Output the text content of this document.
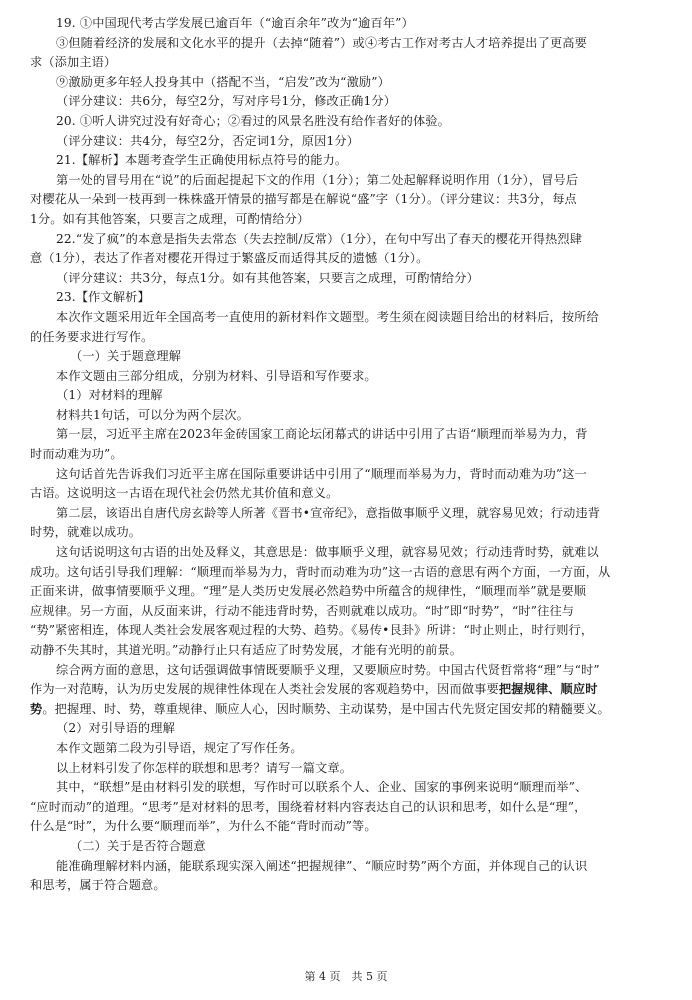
19. ①中国现代考古学发展已逾百年（“逾百余年”改为“逾百年”）
③但随着经济的发展和文化水平的提升（去掉“随着”）或④考古工作对考古人才培养提出了更高要
求（添加主语）
⑨激励更多年轻人投身其中（搭配不当，“启发”改为“激励”）
（评分建议：共6分，每空2分，写对序号1分，修改正确1分）
20. ①听人讲究过没有好奇心；②看过的风景名胜没有给作者好的体验。
（评分建议：共4分，每空2分，否定词1分，原因1分）
21.【解析】本题考查学生正确使用标点符号的能力。
第一处的冒号用在“说”的后面起提起下文的作用（1分）；第二处起解释说明作用（1分），冒号后
对樱花从一朵到一枝再到一株株盛开情景的描写都是在解说“盛”字（1分）。（评分建议：共3分，每点
1分。如有其他答案，只要言之成理，可酌情给分）
22.“发了疯”的本意是指失去常态（失去控制/反常）（1分），在句中写出了春天的樱花开得热烈肆
意（1分），表达了作者对樱花开得过于繁盛反而适得其反的遗憾（1分）。
（评分建议：共3分，每点1分。如有其他答案，只要言之成理，可酌情给分）
23.【作文解析】
本次作文题采用近年全国高考一直使用的新材料作文题型。考生须在阅读题目给出的材料后，按所给
的任务要求进行写作。
（一）关于题意理解
本作文题由三部分组成，分别为材料、引导语和写作要求。
（1）对材料的理解
材料共1句话，可以分为两个层次。
第一层，习近平主席在2023年金砖国家工商论坛闭幕式的讲话中引用了古语“顺理而举易为力，背
时而动难为功”。
这句话首先告诉我们习近平主席在国际重要讲话中引用了“顺理而举易为力，背时而动难为功”这一
古语。这说明这一古语在现代社会仍然尤其价值和意义。
第二层，该语出自唐代房玄龄等人所著《晋书•宣帝纪》，意指做事顺乎义理，就容易见效；行动违背
时势，就难以成功。
这句话说明这句古语的出处及释义，其意思是：做事顺乎义理，就容易见效；行动违背时势，就难以
成功。这句话引导我们理解：“顺理而举易为力，背时而动难为功”这一古语的意思有两个方面，一方面，从
正面来讲，做事情要顺乎义理。“理”是人类历史发展必然趋势中所蕴含的规律性，“顺理而举”就是要顺
应规律。另一方面，从反面来讲，行动不能违背时势，否则就难以成功。“时”即“时势”，“时”往往与
“势”紧密相连，体现人类社会发展客观过程的大势、趋势。《易传•艮卦》所讲：“时止则止，时行则行，
动静不失其时，其道光明。”动静行止只有适应了时势发展，才能有光明的前景。
综合两方面的意思，这句话强调做事情既要顺乎义理，又要顺应时势。中国古代贤哲常将“理”与“时”
作为一对范畴，认为历史发展的规律性体现在人类社会发展的客观趋势中，因而做事要把握规律、顺应时
势。把握理、时、势，尊重规律、顺应人心，因时顺势、主动谋势，是中国古代先贤定国安邦的精髓要义。
（2）对引导语的理解
本作文题第二段为引导语，规定了写作任务。
以上材料引发了你怎样的联想和思考？请写一篇文章。
其中，“联想”是由材料引发的联想，写作时可以联系个人、企业、国家的事例来说明“顺理而举”、
“应时而动”的道理。“思考”是对材料的思考，围绕着材料内容表达自己的认识和思考，如什么是“理”，
什么是“时”，为什么要“顺理而举”，为什么不能“背时而动”等。
（二）关于是否符合题意
能准确理解材料内涵，能联系现实深入阐述“把握规律”、“顺应时势”两个方面，并体现自己的认识
和思考，属于符合题意。
第 4 页　共 5 页
